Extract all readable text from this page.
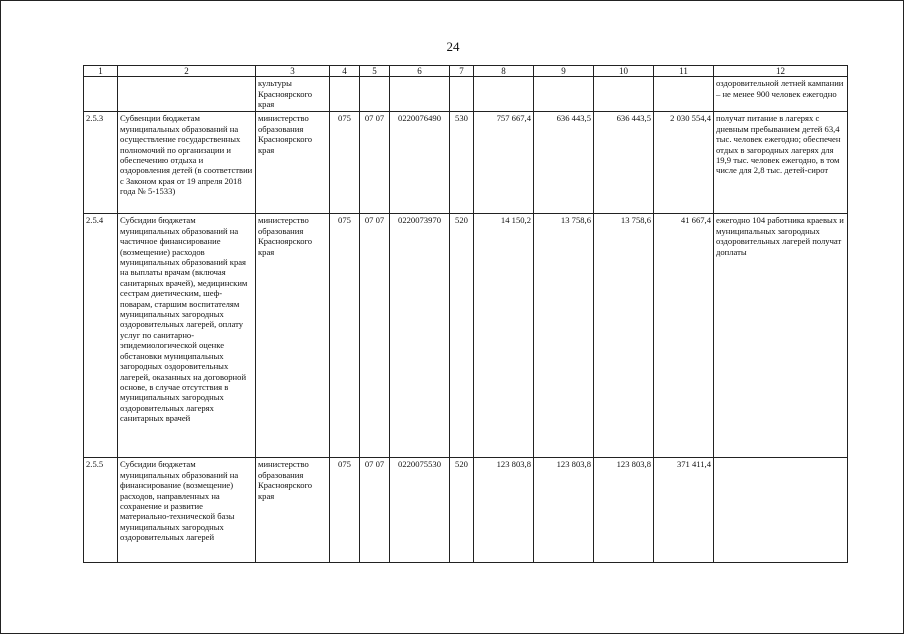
24
1	2	3	4	5	6	7	8	9	10	11	12
		культуры Красноярского края									оздоровительной летней кампании – не менее 900 человек ежегодно
2.5.3	Субвенции бюджетам муниципальных образований на осуществление государственных полномочий по организации и обеспечению отдыха и оздоровления детей (в соответствии с Законом края от 19 апреля 2018 года № 5-1533)	министерство образования Красноярского края	075	07 07	0220076490	530	757 667,4	636 443,5	636 443,5	2 030 554,4	получат питание в лагерях с дневным пребыванием детей 63,4 тыс. человек ежегодно; обеспечен отдых в загородных лагерях для 19,9 тыс. человек ежегодно, в том числе для 2,8 тыс. детей-сирот
2.5.4	Субсидии бюджетам муниципальных образований на частичное финансирование (возмещение) расходов муниципальных образований края на выплаты врачам (включая санитарных врачей), медицинским сестрам диетическим, шеф-поварам, старшим воспитателям муниципальных загородных оздоровительных лагерей, оплату услуг по санитарно-эпидемиологической оценке обстановки муниципальных загородных оздоровительных лагерей, оказанных на договорной основе, в случае отсутствия в муниципальных загородных оздоровительных лагерях санитарных врачей	министерство образования Красноярского края	075	07 07	0220073970	520	14 150,2	13 758,6	13 758,6	41 667,4	ежегодно 104 работника краевых и муниципальных загородных оздоровительных лагерей получат доплаты
2.5.5	Субсидии бюджетам муниципальных образований на финансирование (возмещение) расходов, направленных на сохранение и развитие материально-технической базы муниципальных загородных оздоровительных лагерей	министерство образования Красноярского края	075	07 07	0220075530	520	123 803,8	123 803,8	123 803,8	371 411,4	
